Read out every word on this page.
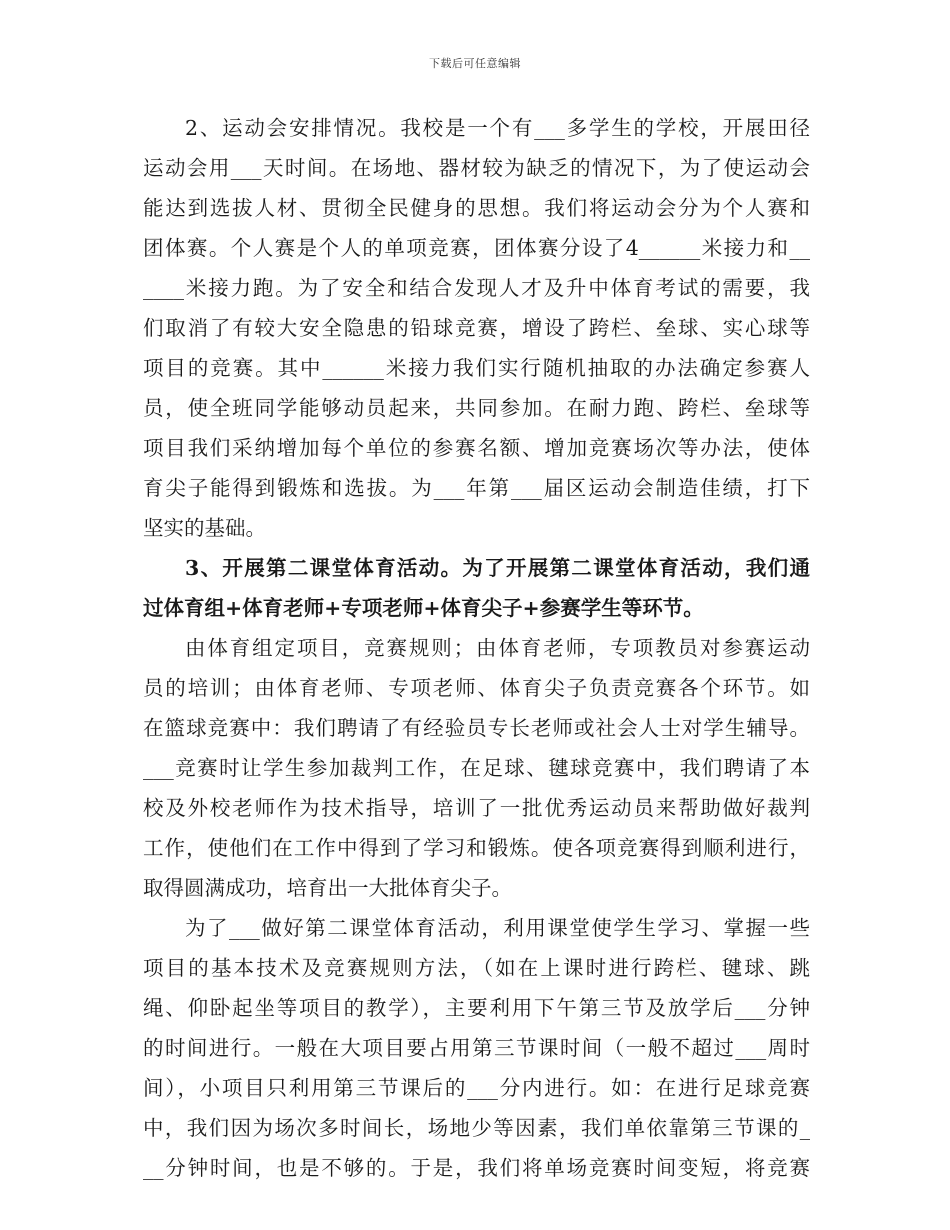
下载后可任意编辑
2、运动会安排情况。我校是一个有___多学生的学校，开展田径
运动会用___天时间。在场地、器材较为缺乏的情况下，为了使运动会
能达到选拔人材、贯彻全民健身的思想。我们将运动会分为个人赛和
团体赛。个人赛是个人的单项竞赛，团体赛分设了4______米接力和__
____米接力跑。为了安全和结合发现人才及升中体育考试的需要，我
们取消了有较大安全隐患的铅球竞赛，增设了跨栏、垒球、实心球等
项目的竞赛。其中______米接力我们实行随机抽取的办法确定参赛人
员，使全班同学能够动员起来，共同参加。在耐力跑、跨栏、垒球等
项目我们采纳增加每个单位的参赛名额、增加竞赛场次等办法，使体
育尖子能得到锻炼和选拔。为___年第___届区运动会制造佳绩，打下
坚实的基础。
3、开展第二课堂体育活动。为了开展第二课堂体育活动，我们通
过体育组+体育老师+专项老师+体育尖子+参赛学生等环节。
由体育组定项目，竞赛规则；由体育老师，专项教员对参赛运动
员的培训；由体育老师、专项老师、体育尖子负责竞赛各个环节。如
在篮球竞赛中：我们聘请了有经验员专长老师或社会人士对学生辅导。
___竞赛时让学生参加裁判工作，在足球、毽球竞赛中，我们聘请了本
校及外校老师作为技术指导，培训了一批优秀运动员来帮助做好裁判
工作，使他们在工作中得到了学习和锻炼。使各项竞赛得到顺利进行，
取得圆满成功，培育出一大批体育尖子。
为了___做好第二课堂体育活动，利用课堂使学生学习、掌握一些
项目的基本技术及竞赛规则方法，（如在上课时进行跨栏、毽球、跳
绳、仰卧起坐等项目的教学），主要利用下午第三节及放学后___分钟
的时间进行。一般在大项目要占用第三节课时间（一般不超过___周时
间），小项目只利用第三节课后的___分内进行。如：在进行足球竞赛
中，我们因为场次多时间长，场地少等因素，我们单依靠第三节课的_
__分钟时间，也是不够的。于是，我们将单场竞赛时间变短，将竞赛
